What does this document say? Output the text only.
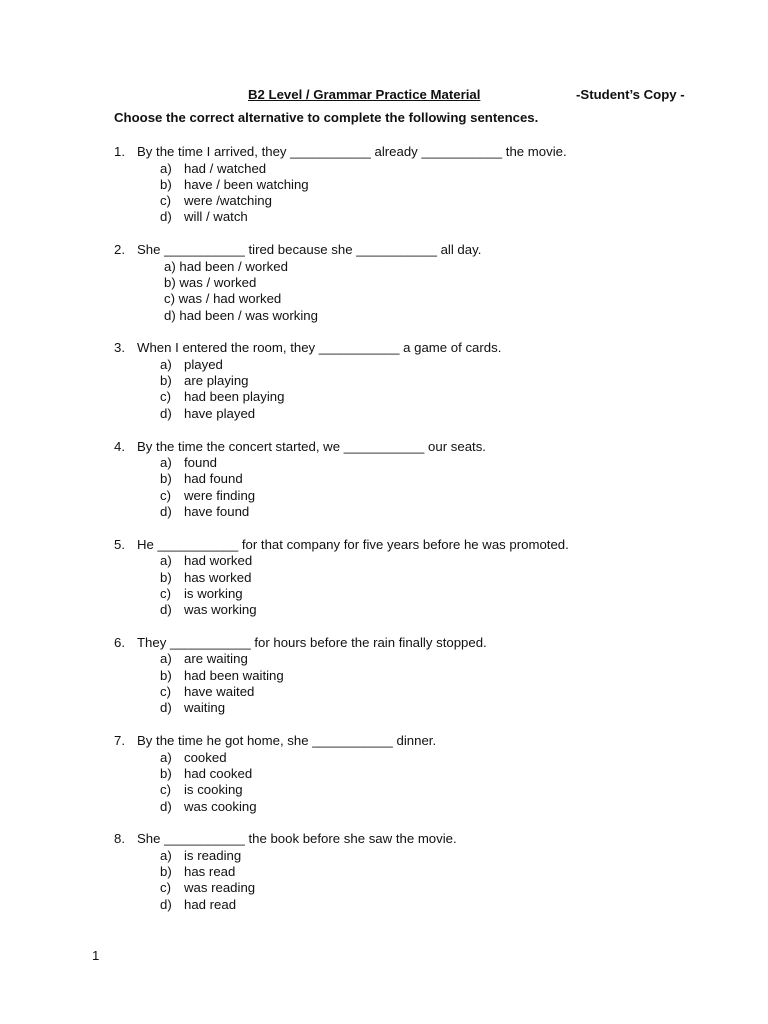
B2 Level / Grammar Practice Material	-Student’s Copy -
Choose the correct alternative to complete the following sentences.
1. By the time I arrived, they ___________ already ___________ the movie.
a) had / watched
b) have / been watching
c) were /watching
d) will / watch
2. She ___________ tired because she ___________ all day.
a) had been / worked
b) was / worked
c) was / had worked
d) had been / was working
3. When I entered the room, they ___________ a game of cards.
a) played
b) are playing
c) had been playing
d) have played
4. By the time the concert started, we ___________ our seats.
a) found
b) had found
c) were finding
d) have found
5. He ___________ for that company for five years before he was promoted.
a) had worked
b) has worked
c) is working
d) was working
6. They ___________ for hours before the rain finally stopped.
a) are waiting
b) had been waiting
c) have waited
d) waiting
7. By the time he got home, she ___________ dinner.
a) cooked
b) had cooked
c) is cooking
d) was cooking
8. She ___________ the book before she saw the movie.
a) is reading
b) has read
c) was reading
d) had read
1
